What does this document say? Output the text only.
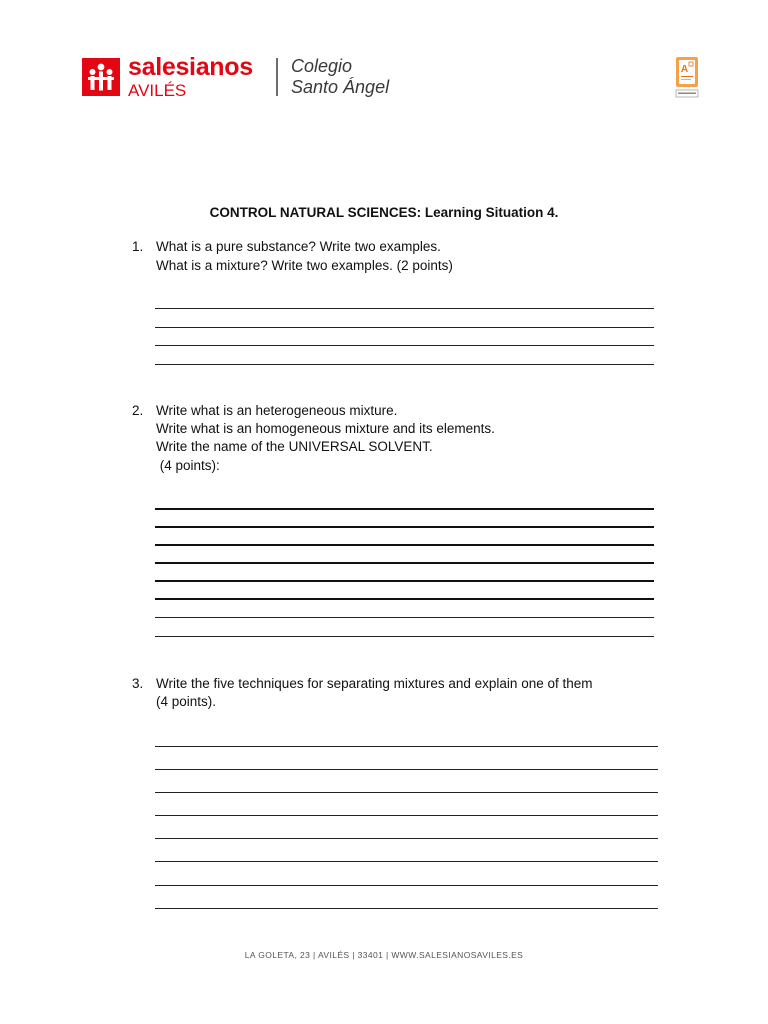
salesianos
AVILÉS
Colegio
Santo Ángel
A
CONTROL NATURAL SCIENCES: Learning Situation 4.
1. What is a pure substance? Write two examples.
What is a mixture? Write two examples. (2 points)
2. Write what is an heterogeneous mixture.
Write what is an homogeneous mixture and its elements.
Write the name of the UNIVERSAL SOLVENT.
(4 points):
3. Write the five techniques for separating mixtures and explain one of them
(4 points).
LA GOLETA, 23 | AVILÉS | 33401 | WWW.SALESIANOSAVILES.ES
